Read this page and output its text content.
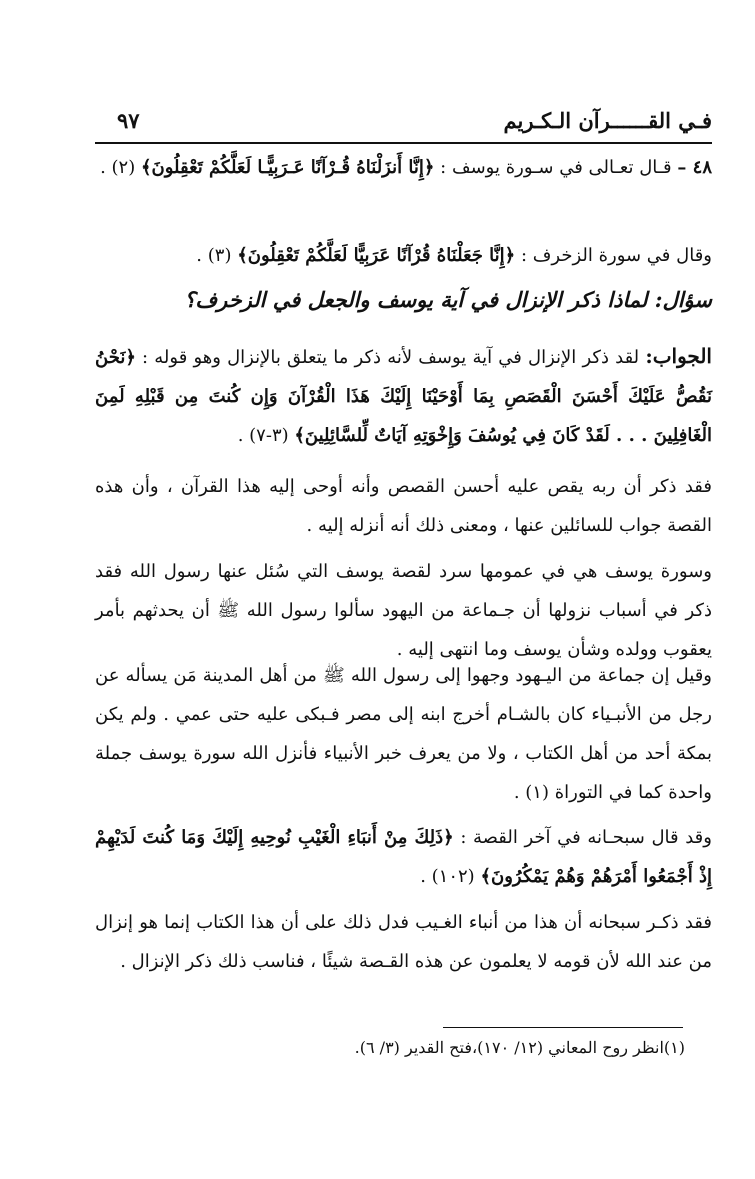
فـي القــــــرآن الـكـريم
٩٧

٤٨ – قـال تعـالى في سـورة يوسف : ﴿إِنَّا أَنزَلْنَاهُ قُـرْآنًا عَـرَبِيًّـا لَعَلَّكُمْ تَعْقِلُونَ﴾ (٢) .

وقال في سورة الزخرف : ﴿إِنَّا جَعَلْنَاهُ قُرْآنًا عَرَبِيًّا لَعَلَّكُمْ تَعْقِلُونَ﴾ (٣) .

سؤال: لماذا ذكر الإنزال في آية يوسف والجعل في الزخرف؟

الجواب: لقد ذكر الإنزال في آية يوسف لأنه ذكر ما يتعلق بالإنزال وهو قوله : ﴿نَحْنُ نَقُصُّ عَلَيْكَ أَحْسَنَ الْقَصَصِ بِمَا أَوْحَيْنَا إِلَيْكَ هَذَا الْقُرْآنَ وَإِن كُنتَ مِن قَبْلِهِ لَمِنَ الْغَافِلِينَ . . . لَقَدْ كَانَ فِي يُوسُفَ وَإِخْوَتِهِ آيَاتٌ لِّلسَّائِلِينَ﴾ (٣-٧) .

فقد ذكر أن ربه يقص عليه أحسن القصص وأنه أوحى إليه هذا القرآن ، وأن هذه القصة جواب للسائلين عنها ، ومعنى ذلك أنه أنزله إليه .

وسورة يوسف هي في عمومها سرد لقصة يوسف التي سُئل عنها رسول الله فقد ذكر في أسباب نزولها أن جـماعة من اليهود سألوا رسول الله ﷺ أن يحدثهم بأمر يعقوب وولده وشأن يوسف وما انتهى إليه .

وقيل إن جماعة من اليـهود وجهوا إلى رسول الله ﷺ من أهل المدينة مَن يسأله عن رجل من الأنبـياء كان بالشـام أخرج ابنه إلى مصر فـبكى عليه حتى عمي . ولم يكن بمكة أحد من أهل الكتاب ، ولا من يعرف خبر الأنبياء فأنزل الله سورة يوسف جملة واحدة كما في التوراة (١) .

وقد قال سبحـانه في آخر القصة : ﴿ذَلِكَ مِنْ أَنبَاءِ الْغَيْبِ نُوحِيهِ إِلَيْكَ وَمَا كُنتَ لَدَيْهِمْ إِذْ أَجْمَعُوا أَمْرَهُمْ وَهُمْ يَمْكُرُونَ﴾ (١٠٢) .

فقد ذكـر سبحانه أن هذا من أنباء الغـيب فدل ذلك على أن هذا الكتاب إنما هو إنزال من عند الله لأن قومه لا يعلمون عن هذه القـصة شيئًا ، فناسب ذلك ذكر الإنزال .

(١)انظر روح المعاني (١٢/ ١٧٠)،فتح القدير (٣/ ٦).
